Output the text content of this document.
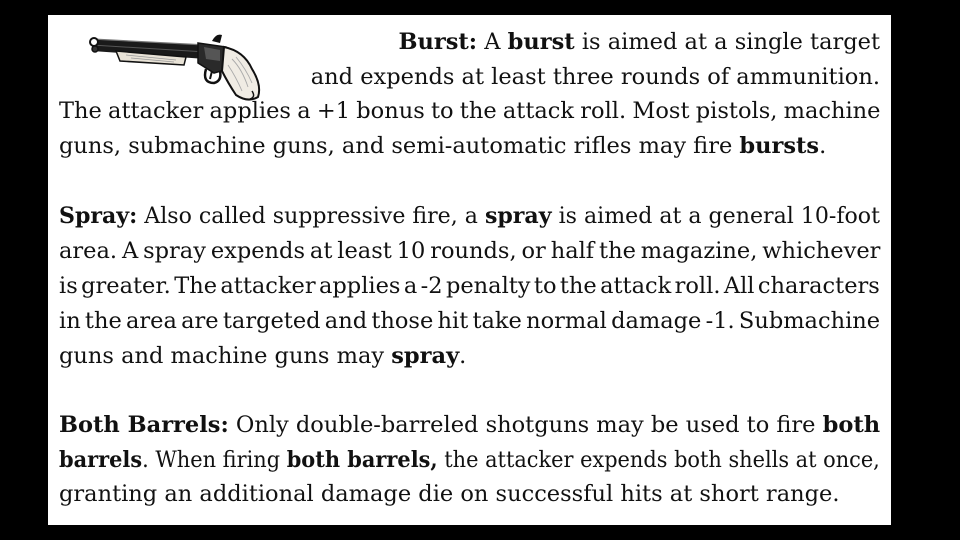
Burst: A burst is aimed at a single target
and expends at least three rounds of ammunition.
The attacker applies a +1 bonus to the attack roll. Most pistols, machine
guns, submachine guns, and semi-automatic rifles may fire bursts.
Spray: Also called suppressive fire, a spray is aimed at a general 10-foot
area. A spray expends at least 10 rounds, or half the magazine, whichever
is greater. The attacker applies a -2 penalty to the attack roll. All characters
in the area are targeted and those hit take normal damage -1. Submachine
guns and machine guns may spray.
Both Barrels: Only double-barreled shotguns may be used to fire both
barrels. When firing both barrels, the attacker expends both shells at once,
granting an additional damage die on successful hits at short range.
